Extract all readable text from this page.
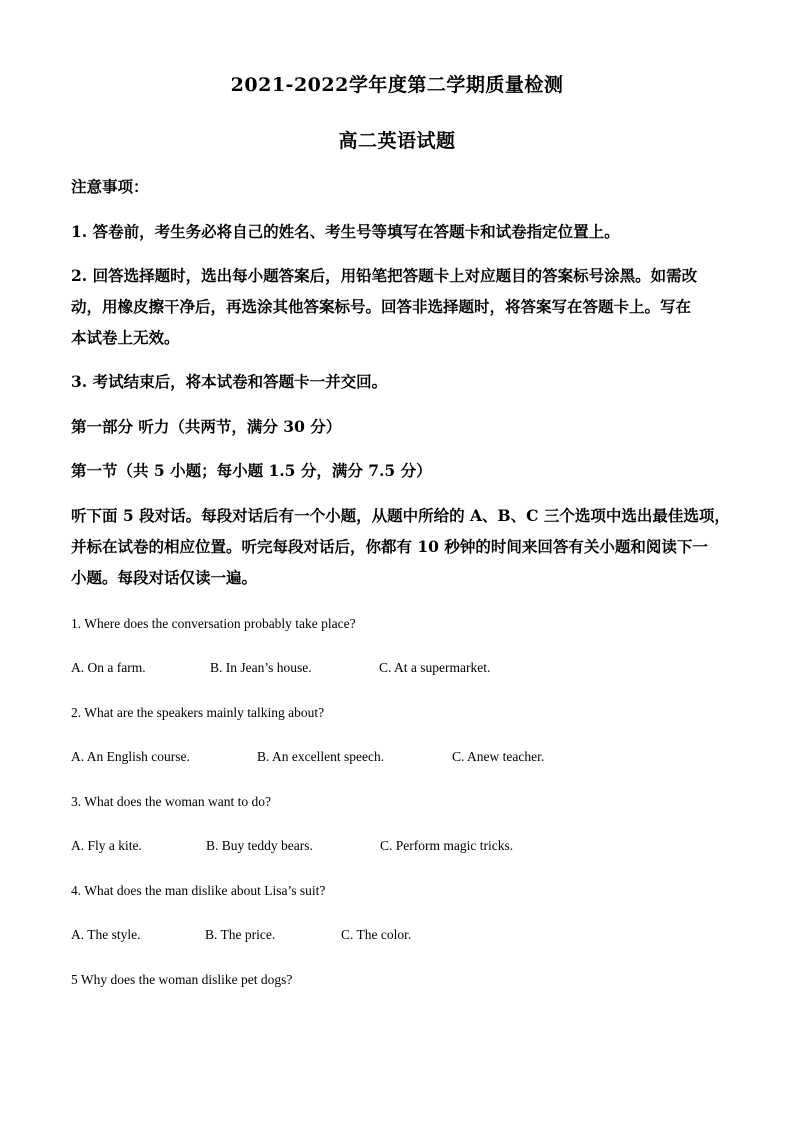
2021-2022学年度第二学期质量检测
高二英语试题

注意事项：

1. 答卷前，考生务必将自己的姓名、考生号等填写在答题卡和试卷指定位置上。

2. 回答选择题时，选出每小题答案后，用铅笔把答题卡上对应题目的答案标号涂黑。如需改

动，用橡皮擦干净后，再选涂其他答案标号。回答非选择题时，将答案写在答题卡上。写在

本试卷上无效。

3. 考试结束后，将本试卷和答题卡一并交回。

第一部分 听力（共两节，满分 30 分）

第一节（共 5 小题；每小题 1.5 分，满分 7.5 分）

听下面 5 段对话。每段对话后有一个小题，从题中所给的 A、B、C 三个选项中选出最佳选项，

并标在试卷的相应位置。听完每段对话后，你都有 10 秒钟的时间来回答有关小题和阅读下一

小题。每段对话仅读一遍。

1. Where does the conversation probably take place?

A. On a farm.	B. In Jean’s house.	C. At a supermarket.

2. What are the speakers mainly talking about?

A. An English course.	B. An excellent speech.	C. Anew teacher.

3. What does the woman want to do?

A. Fly a kite.	B. Buy teddy bears.	C. Perform magic tricks.

4. What does the man dislike about Lisa’s suit?

A. The style.	B. The price.	C. The color.

5 Why does the woman dislike pet dogs?
